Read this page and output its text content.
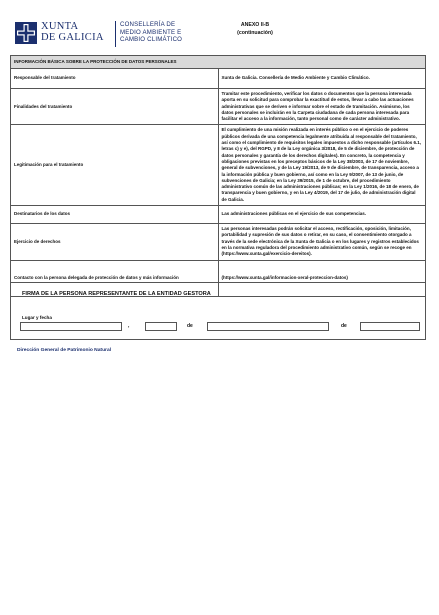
XUNTA
DE GALICIA
CONSELLERÍA DE
MEDIO AMBIENTE E
CAMBIO CLIMÁTICO
ANEXO II-B
(continuación)
INFORMACIÓN BÁSICA SOBRE LA PROTECCIÓN DE DATOS PERSONALES	
Responsable del tratamiento	Xunta de Galicia. Consellería de Medio Ambiente y Cambio Climático.
Finalidades del tratamiento	Tramitar este procedimiento, verificar los datos o documentos que la persona interesada aporta en su solicitud para comprobar la exactitud de estos, llevar a cabo las actuaciones administrativas que se deriven e informar sobre el estado de tramitación. Asimismo, los datos personales se incluirán en la Carpeta ciudadana de cada persona interesada para facilitar el acceso a la información, tanto personal como de carácter administrativo.
Legitimación para el tratamiento	El cumplimiento de una misión realizada en interés público o en el ejercicio de poderes públicos derivada de una competencia legalmente atribuida al responsable del tratamiento, así como el cumplimiento de requisitos legales impuestos a dicho responsable (artículos 6.1, letras c) y e), del RGPD, y 8 de la Ley orgánica 3/2018, de 5 de diciembre, de protección de datos personales y garantía de los derechos digitales). En concreto, la competencia y obligaciones previstas en los preceptos básicos de la Ley 38/2003, de 17 de noviembre, general de subvenciones, y de la Ley 19/2013, de 9 de diciembre, de transparencia, acceso a la información pública y buen gobierno, así como en la Ley 9/2007, de 13 de junio, de subvenciones de Galicia; en la Ley 39/2015, de 1 de octubre, del procedimiento administrativo común de las administraciones públicas; en la Ley 1/2016, de 18 de enero, de transparencia y buen gobierno, y en la Ley 4/2019, del 17 de julio, de administración digital de Galicia.
Destinatarios de los datos	Las administraciones públicas en el ejercicio de sus competencias.
Ejercicio de derechos	Las personas interesadas podrán solicitar el acceso, rectificación, oposición, limitación, portabilidad y supresión de sus datos o retirar, en su caso, el consentimiento otorgado a través de la sede electrónica de la Xunta de Galicia o en los lugares y registros establecidos en la normativa reguladora del procedimiento administrativo común, según se recoge en (https://www.xunta.gal/exercicio-dereitos).
Contacto con la persona delegada de protección de datos y más información	(https://www.xunta.gal/informacion-xeral-proteccion-datos)
FIRMA DE LA PERSONA REPRESENTANTE DE LA ENTIDAD GESTORA
Lugar y fecha
,	de	de
Dirección General de Patrimonio Natural
